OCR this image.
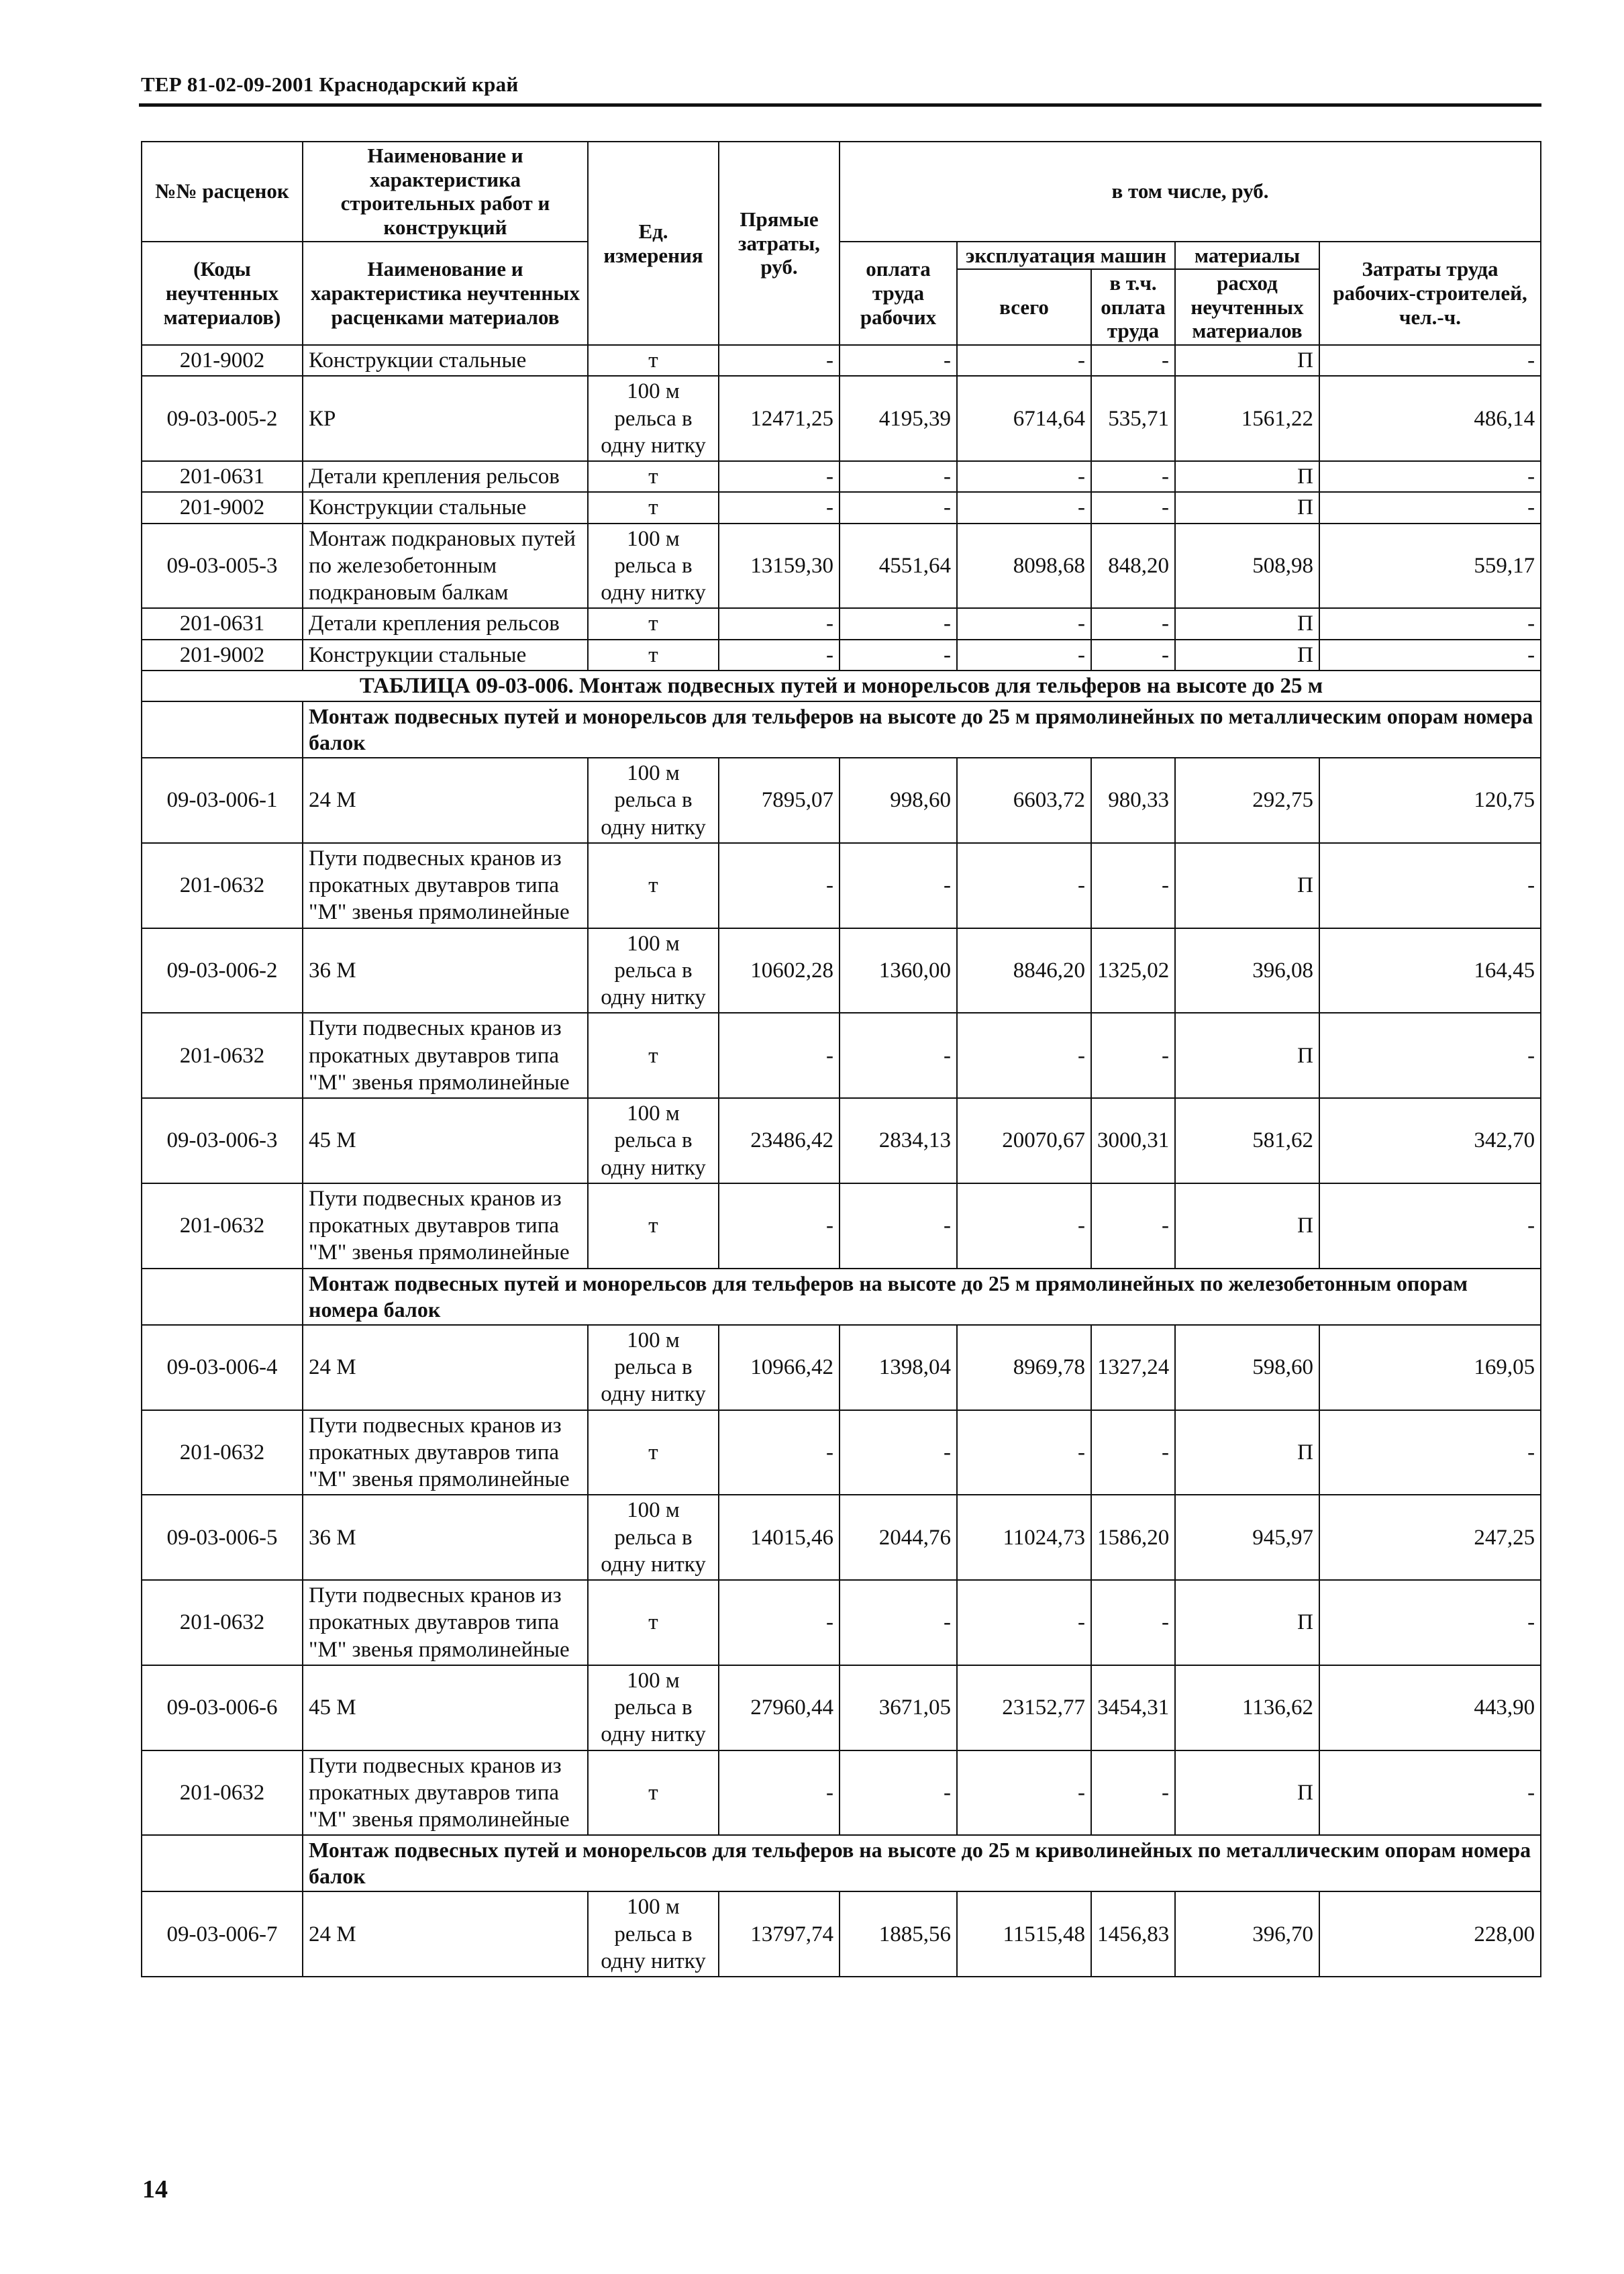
ТЕР 81-02-09-2001 Краснодарский край
№№ расценок	Наименование и характеристика строительных работ и конструкций	Ед. измерения	Прямые затраты, руб.	в том числе, руб.				
(Коды неучтенных материалов)	Наименование и характеристика неучтенных расценками материалов			оплата труда рабочих	эксплуатация машин		материалы	Затраты труда рабочих-строителей, чел.-ч.
					всего	в т.ч. оплата труда	расход неучтенных материалов	
201-9002	Конструкции стальные	т	-	-	-	-	П	-
09-03-005-2	КР	100 м рельса в одну нитку	12471,25	4195,39	6714,64	535,71	1561,22	486,14
201-0631	Детали крепления рельсов	т	-	-	-	-	П	-
201-9002	Конструкции стальные	т	-	-	-	-	П	-
09-03-005-3	Монтаж подкрановых путей по железобетонным подкрановым балкам	100 м рельса в одну нитку	13159,30	4551,64	8098,68	848,20	508,98	559,17
201-0631	Детали крепления рельсов	т	-	-	-	-	П	-
201-9002	Конструкции стальные	т	-	-	-	-	П	-
ТАБЛИЦА 09-03-006. Монтаж подвесных путей и монорельсов для тельферов на высоте до 25 м								
	Монтаж подвесных путей и монорельсов для тельферов на высоте до 25 м прямолинейных по металлическим опорам номера балок							
09-03-006-1	24 М	100 м рельса в одну нитку	7895,07	998,60	6603,72	980,33	292,75	120,75
201-0632	Пути подвесных кранов из прокатных двутавров типа "М" звенья прямолинейные	т	-	-	-	-	П	-
09-03-006-2	36 М	100 м рельса в одну нитку	10602,28	1360,00	8846,20	1325,02	396,08	164,45
201-0632	Пути подвесных кранов из прокатных двутавров типа "М" звенья прямолинейные	т	-	-	-	-	П	-
09-03-006-3	45 М	100 м рельса в одну нитку	23486,42	2834,13	20070,67	3000,31	581,62	342,70
201-0632	Пути подвесных кранов из прокатных двутавров типа "М" звенья прямолинейные	т	-	-	-	-	П	-
	Монтаж подвесных путей и монорельсов для тельферов на высоте до 25 м прямолинейных по железобетонным опорам номера балок							
09-03-006-4	24 М	100 м рельса в одну нитку	10966,42	1398,04	8969,78	1327,24	598,60	169,05
201-0632	Пути подвесных кранов из прокатных двутавров типа "М" звенья прямолинейные	т	-	-	-	-	П	-
09-03-006-5	36 М	100 м рельса в одну нитку	14015,46	2044,76	11024,73	1586,20	945,97	247,25
201-0632	Пути подвесных кранов из прокатных двутавров типа "М" звенья прямолинейные	т	-	-	-	-	П	-
09-03-006-6	45 М	100 м рельса в одну нитку	27960,44	3671,05	23152,77	3454,31	1136,62	443,90
201-0632	Пути подвесных кранов из прокатных двутавров типа "М" звенья прямолинейные	т	-	-	-	-	П	-
	Монтаж подвесных путей и монорельсов для тельферов на высоте до 25 м криволинейных по металлическим опорам номера балок							
09-03-006-7	24 М	100 м рельса в одну нитку	13797,74	1885,56	11515,48	1456,83	396,70	228,00
14
